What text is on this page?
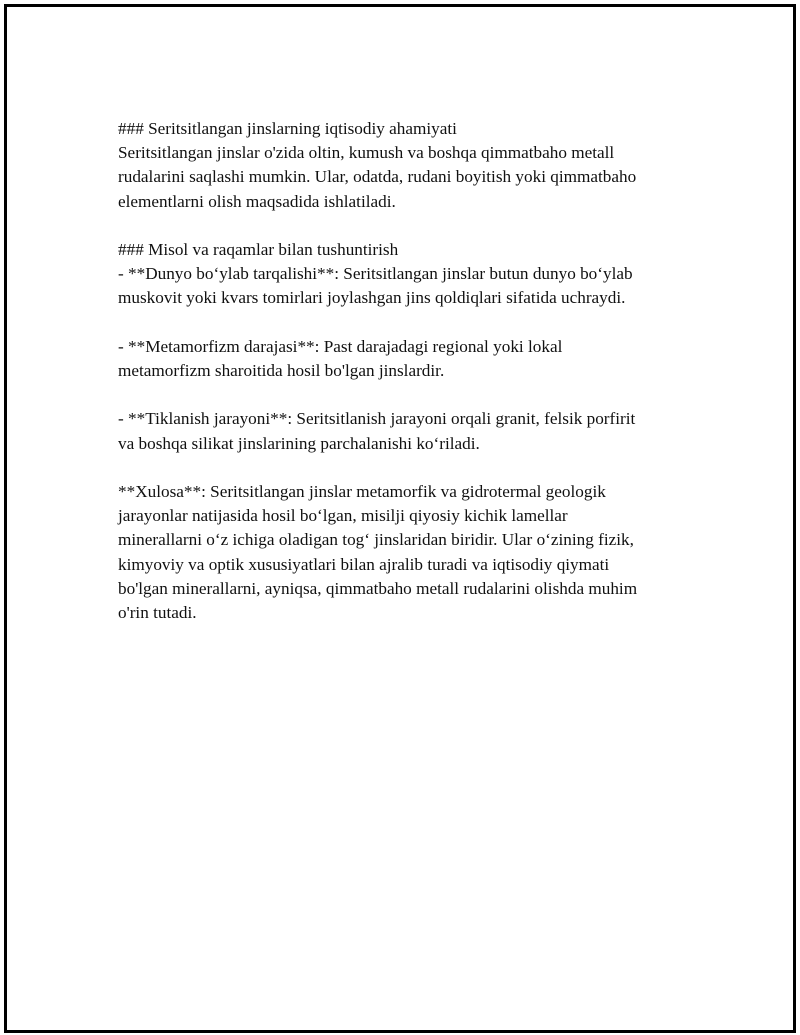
### Seritsitlangan jinslarning iqtisodiy ahamiyati

Seritsitlangan jinslar o'zida oltin, kumush va boshqa qimmatbaho metall

rudalarini saqlashi mumkin. Ular, odatda, rudani boyitish yoki qimmatbaho

elementlarni olish maqsadida ishlatiladi.

### Misol va raqamlar bilan tushuntirish

- **Dunyo bo‘ylab tarqalishi**: Seritsitlangan jinslar butun dunyo bo‘ylab

muskovit yoki kvars tomirlari joylashgan jins qoldiqlari sifatida uchraydi.

- **Metamorfizm darajasi**: Past darajadagi regional yoki lokal

metamorfizm sharoitida hosil bo'lgan jinslardir.

- **Tiklanish jarayoni**: Seritsitlanish jarayoni orqali granit, felsik porfirit

va boshqa silikat jinslarining parchalanishi ko‘riladi.

**Xulosa**: Seritsitlangan jinslar metamorfik va gidrotermal geologik

jarayonlar natijasida hosil bo‘lgan, misilji qiyosiy kichik lamellar

minerallarni o‘z ichiga oladigan tog‘ jinslaridan biridir. Ular o‘zining fizik,

kimyoviy va optik xususiyatlari bilan ajralib turadi va iqtisodiy qiymati

bo'lgan minerallarni, ayniqsa, qimmatbaho metall rudalarini olishda muhim

o'rin tutadi.
